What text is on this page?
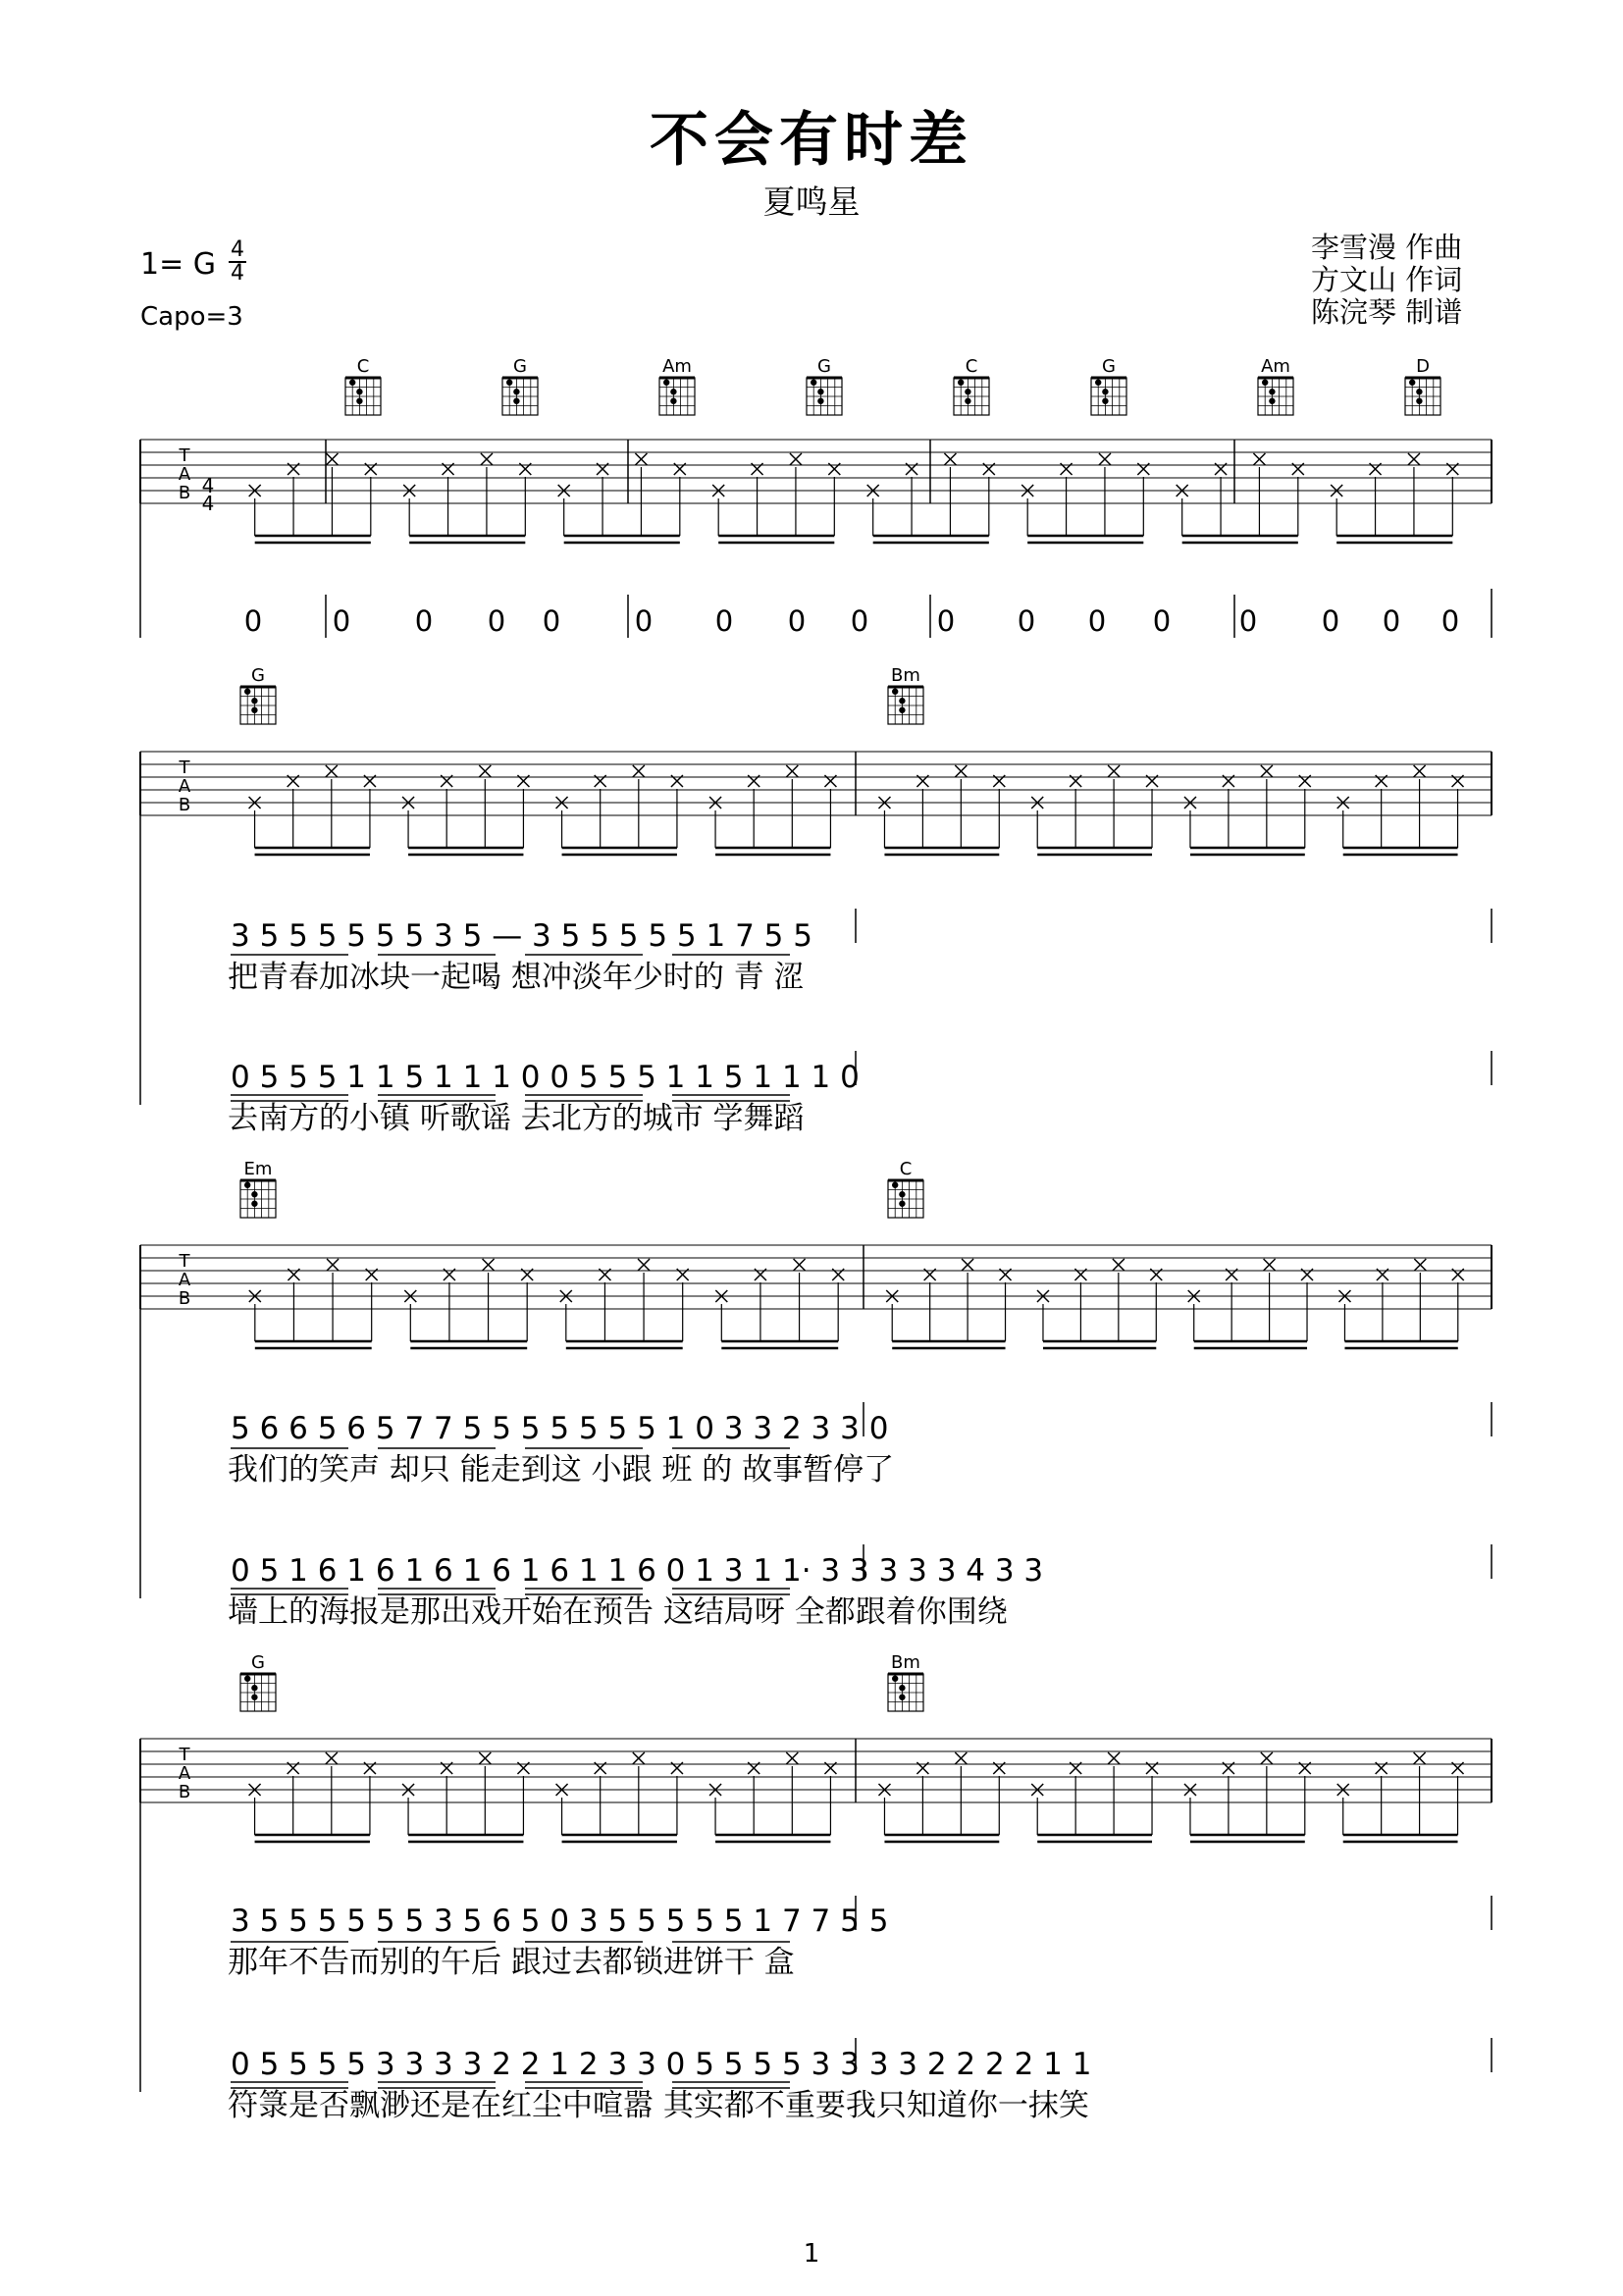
不会有时差
夏鸣星
1= G 4
4
Capo=3
李雪漫 作曲
方文山 作词
陈浣琴 制谱
T
A
B 4
4
C	G	Am	G	C	G	Am	D
0 0 0 0 0	0 0 0 0 0 0 0 0 0 0 0 0
T
A
B
G	Bm
T
A
B
Em	C
T
A
B
G	Bm
3 5 5 5 5 5 5 3 5 — 3 5 5 5 5 5 1 7 5 5
把青春加冰块一起喝 想冲淡年少时的 青 涩
0 5 5 5 1 1 5 1 1 1 0 0 5 5 5 1 1 5 1 1 1 0
去南方的小镇 听歌谣 去北方的城市 学舞蹈
5 6 6 5 6 5 7 7 5 5 5 5 5 5 5 1 0 3 3 2 3 3 0
我们的笑声 却只 能走到这 小跟 班 的 故事暂停了
0 5 1 6 1 6 1 6 1 6 1 6 1 1 6 0 1 3 1 1· 3 3 3 3 3 4 3 3
墙上的海报是那出戏开始在预告 这结局呀 全都跟着你围绕
3 5 5 5 5 5 5 3 5 6 5 0 3 5 5 5 5 5 1 7 7 5 5
那年不告而别的午后 跟过去都锁进饼干 盒
0 5 5 5 5 3 3 3 3 2 2 1 2 3 3 0 5 5 5 5 3 3 3 3 2 2 2 2 1 1
符箓是否飘渺还是在红尘中喧嚣 其实都不重要我只知道你一抹笑
1
